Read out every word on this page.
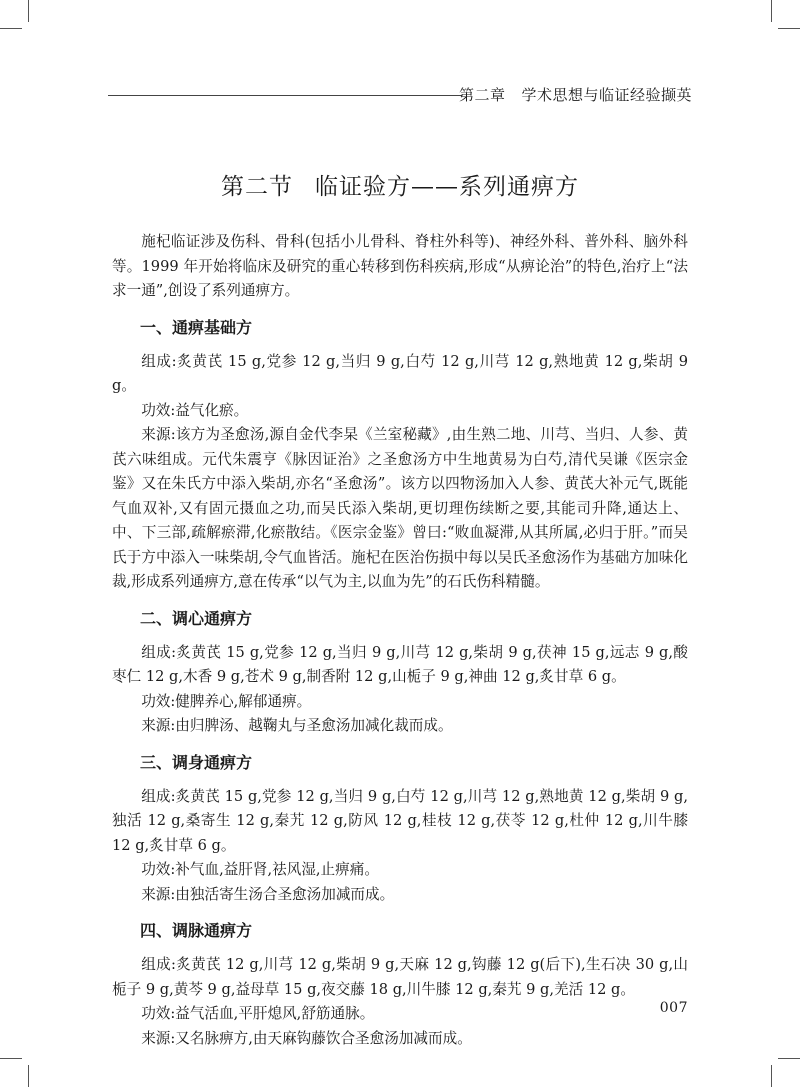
第二章 学术思想与临证经验撷英
第二节 临证验方——系列通痹方

施杞临证涉及伤科、骨科(包括小儿骨科、脊柱外科等)、神经外科、普外科、脑外科等。1999 年开始将临床及研究的重心转移到伤科疾病,形成“从痹论治”的特色,治疗上“法求一通”,创设了系列通痹方。

一、通痹基础方

组成:炙黄芪 15 g,党参 12 g,当归 9 g,白芍 12 g,川芎 12 g,熟地黄 12 g,柴胡 9 g。

功效:益气化瘀。

来源:该方为圣愈汤,源自金代李杲《兰室秘藏》,由生熟二地、川芎、当归、人参、黄芪六味组成。元代朱震亨《脉因证治》之圣愈汤方中生地黄易为白芍,清代吴谦《医宗金鉴》又在朱氏方中添入柴胡,亦名“圣愈汤”。该方以四物汤加入人参、黄芪大补元气,既能气血双补,又有固元摄血之功,而吴氏添入柴胡,更切理伤续断之要,其能司升降,通达上、中、下三部,疏解瘀滞,化瘀散结。《医宗金鉴》曾曰:“败血凝滞,从其所属,必归于肝。”而吴氏于方中添入一味柴胡,令气血皆活。施杞在医治伤损中每以吴氏圣愈汤作为基础方加味化裁,形成系列通痹方,意在传承“以气为主,以血为先”的石氏伤科精髓。

二、调心通痹方

组成:炙黄芪 15 g,党参 12 g,当归 9 g,川芎 12 g,柴胡 9 g,茯神 15 g,远志 9 g,酸枣仁 12 g,木香 9 g,苍术 9 g,制香附 12 g,山栀子 9 g,神曲 12 g,炙甘草 6 g。

功效:健脾养心,解郁通痹。

来源:由归脾汤、越鞠丸与圣愈汤加减化裁而成。

三、调身通痹方

组成:炙黄芪 15 g,党参 12 g,当归 9 g,白芍 12 g,川芎 12 g,熟地黄 12 g,柴胡 9 g,独活 12 g,桑寄生 12 g,秦艽 12 g,防风 12 g,桂枝 12 g,茯苓 12 g,杜仲 12 g,川牛膝 12 g,炙甘草 6 g。

功效:补气血,益肝肾,祛风湿,止痹痛。

来源:由独活寄生汤合圣愈汤加减而成。

四、调脉通痹方

组成:炙黄芪 12 g,川芎 12 g,柴胡 9 g,天麻 12 g,钩藤 12 g(后下),生石决 30 g,山栀子 9 g,黄芩 9 g,益母草 15 g,夜交藤 18 g,川牛膝 12 g,秦艽 9 g,羌活 12 g。

功效:益气活血,平肝熄风,舒筋通脉。

来源:又名脉痹方,由天麻钩藤饮合圣愈汤加减而成。

007
